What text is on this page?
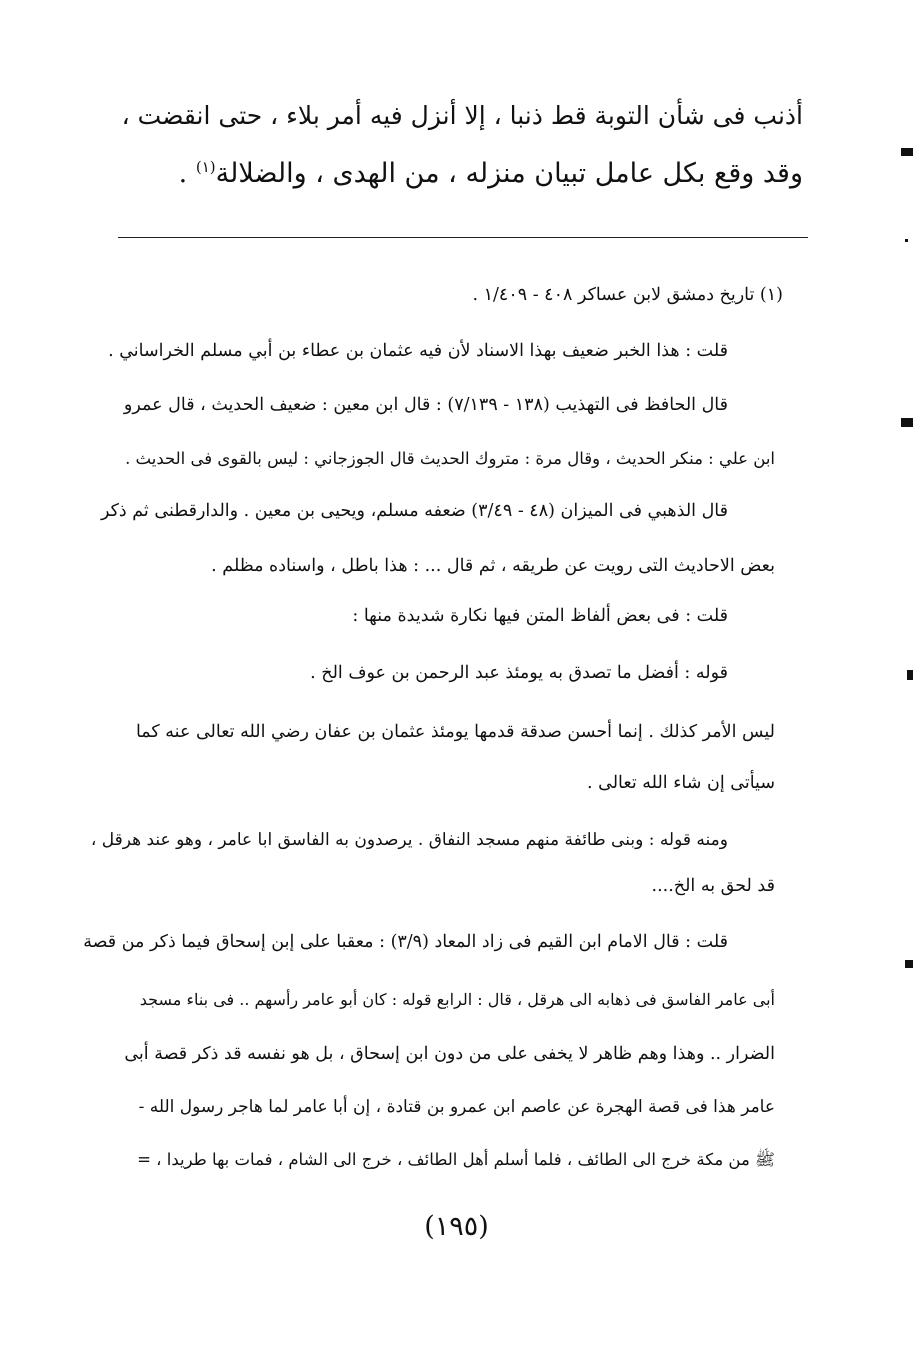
أذنب فى شأن التوبة قط ذنبا ، إلا أنزل فيه أمر بلاء ، حتى انقضت ،
وقد وقع بكل عامل تبيان منزله ، من الهدى ، والضلالة$^{(١)}$ .
(١) تاريخ دمشق لابن عساكر ٤٠٨ - ١/٤٠٩ .
قلت : هذا الخبر ضعيف بهذا الاسناد لأن فيه عثمان بن عطاء بن أبي مسلم الخراساني .
قال الحافظ فى التهذيب (١٣٨ - ٧/١٣٩) : قال ابن معين : ضعيف الحديث ، قال عمرو
ابن علي : منكر الحديث ، وقال مرة : متروك الحديث قال الجوزجاني : ليس بالقوى فى الحديث .
قال الذهبي فى الميزان (٤٨ - ٣/٤٩) ضعفه مسلم، ويحيى بن معين . والدارقطنى ثم ذكر
بعض الاحاديث التى رويت عن طريقه ، ثم قال ... : هذا باطل ، واسناده مظلم .
قلت : فى بعض ألفاظ المتن فيها نكارة شديدة منها :
قوله : أفضل ما تصدق به يومئذ عبد الرحمن بن عوف الخ .
ليس الأمر كذلك . إنما أحسن صدقة قدمها يومئذ عثمان بن عفان رضي الله تعالى عنه كما
سيأتى إن شاء الله تعالى .
ومنه قوله : وبنى طائفة منهم مسجد النفاق . يرصدون به الفاسق ابا عامر ، وهو عند هرقل ،
قد لحق به الخ....
قلت : قال الامام ابن القيم فى زاد المعاد (٣/٩) : معقبا على إبن إسحاق فيما ذكر من قصة
أبى عامر الفاسق فى ذهابه الى هرقل ، قال : الرابع قوله : كان أبو عامر رأسهم .. فى بناء مسجد
الضرار .. وهذا وهم ظاهر لا يخفى على من دون ابن إسحاق ، بل هو نفسه قد ذكر قصة أبى
عامر هذا فى قصة الهجرة عن عاصم ابن عمرو بن قتادة ، إن أبا عامر لما هاجر رسول الله -
ﷺ من مكة خرج الى الطائف ، فلما أسلم أهل الطائف ، خرج الى الشام ، فمات بها طريدا ، =
(١٩٥)
